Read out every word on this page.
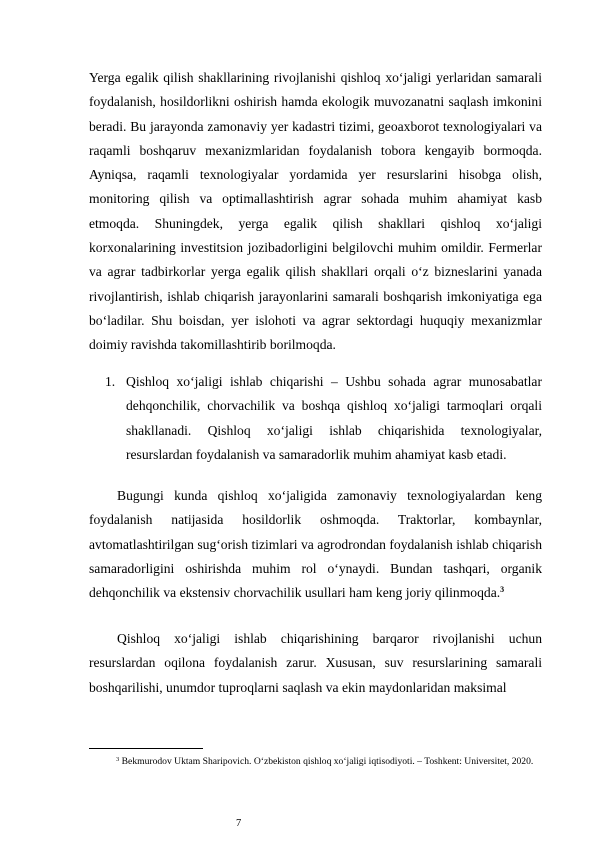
Yerga egalik qilish shakllarining rivojlanishi qishloq xo‘jaligi yerlaridan samarali foydalanish, hosildorlikni oshirish hamda ekologik muvozanatni saqlash imkonini beradi. Bu jarayonda zamonaviy yer kadastri tizimi, geoaxborot texnologiyalari va raqamli boshqaruv mexanizmlaridan foydalanish tobora kengayib bormoqda. Ayniqsa, raqamli texnologiyalar yordamida yer resurslarini hisobga olish, monitoring qilish va optimallashtirish agrar sohada muhim ahamiyat kasb etmoqda. Shuningdek, yerga egalik qilish shakllari qishloq xo‘jaligi korxonalarining investitsion jozibadorligini belgilovchi muhim omildir. Fermerlar va agrar tadbirkorlar yerga egalik qilish shakllari orqali o‘z bizneslarini yanada rivojlantirish, ishlab chiqarish jarayonlarini samarali boshqarish imkoniyatiga ega bo‘ladilar. Shu boisdan, yer islohoti va agrar sektordagi huquqiy mexanizmlar doimiy ravishda takomillashtirib borilmoqda.

1. Qishloq xo‘jaligi ishlab chiqarishi – Ushbu sohada agrar munosabatlar dehqonchilik, chorvachilik va boshqa qishloq xo‘jaligi tarmoqlari orqali shakllanadi. Qishloq xo‘jaligi ishlab chiqarishida texnologiyalar, resurslardan foydalanish va samaradorlik muhim ahamiyat kasb etadi.

Bugungi kunda qishloq xo‘jaligida zamonaviy texnologiyalardan keng foydalanish natijasida hosildorlik oshmoqda. Traktorlar, kombaynlar, avtomatlashtirilgan sug‘orish tizimlari va agrodrondan foydalanish ishlab chiqarish samaradorligini oshirishda muhim rol o‘ynaydi. Bundan tashqari, organik dehqonchilik va ekstensiv chorvachilik usullari ham keng joriy qilinmoqda.$^3$

Qishloq xo‘jaligi ishlab chiqarishining barqaror rivojlanishi uchun resurslardan oqilona foydalanish zarur. Xususan, suv resurslarining samarali boshqarilishi, unumdor tuproqlarni saqlash va ekin maydonlaridan maksimal

$^3$ Bekmurodov Uktam Sharipovich. O‘zbekiston qishloq xo‘jaligi iqtisodiyoti. – Toshkent: Universitet, 2020.
7
